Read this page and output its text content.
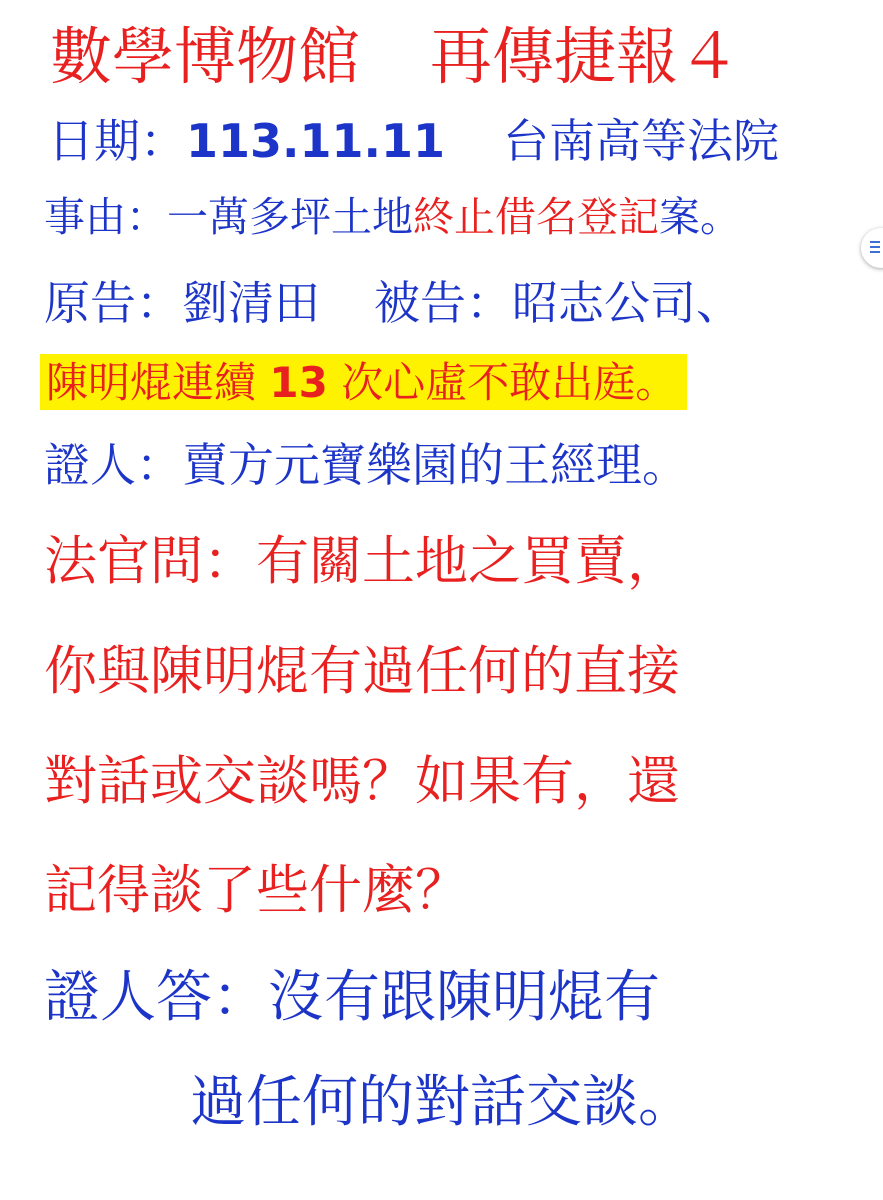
數學博物館 再傳捷報４
日期：113.11.11 台南高等法院
事由：一萬多坪土地終止借名登記案。
原告：劉清田 被告：昭志公司、
陳明焜連續 13 次心虛不敢出庭。
證人：賣方元寶樂園的王經理。
法官問：有關土地之買賣，
你與陳明焜有過任何的直接
對話或交談嗎？如果有，還
記得談了些什麼？
證人答：沒有跟陳明焜有
過任何的對話交談。
